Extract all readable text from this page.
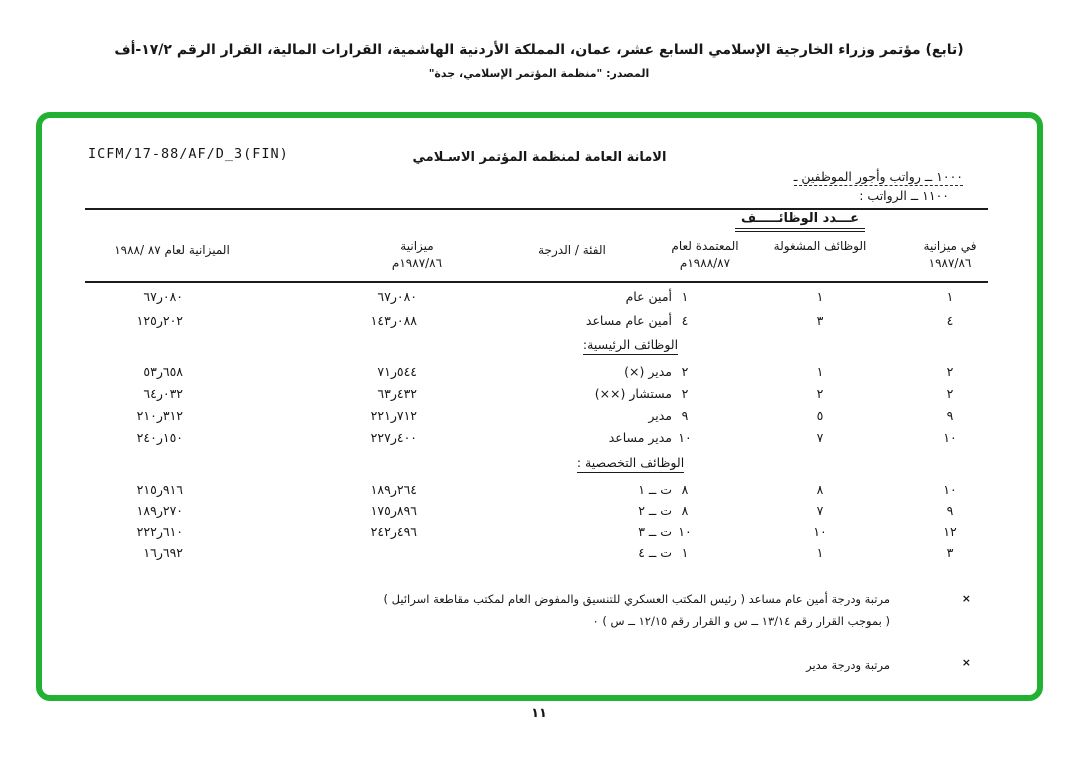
(تابع) مؤتمر وزراء الخارجية الإسلامي السابع عشر، عمان، المملكة الأردنية الهاشمية، القرارات المالية، القرار الرقم ١٧/٢-أف
المصدر: "منظمة المؤتمر الإسلامي، جدة"
ICFM/17-88/AF/D_3(FIN)	الامانة العامة لمنظمة المؤتمر الاسـلامي
١٠٠٠ ــ رواتب وأجور الموظفين ـ
١١٠٠ ــ الرواتب :
عـــدد الوظائـــــف
في ميزانية
١٩٨٧/٨٦
الوظائف المشغولة
المعتمدة لعام
١٩٨٨/٨٧م
الفئة / الدرجة
ميزانية
١٩٨٧/٨٦م
الميزانية لعام ٨٧ /١٩٨٨
١
١
١
أمين عام
٦٧ر٠٨٠
٦٧ر٠٨٠
٤
٣
٤
أمين عام مساعد
١٤٣ر٠٨٨
١٢٥ر٢٠٢
الوظائف الرئيسية:
٢
١
٢
مدير (×)
٧١ر٥٤٤
٥٣ر٦٥٨
٢
٢
٢
مستشار (××)
٦٣ر٤٣٢
٦٤ر٠٣٢
٩
٥
٩
مدير
٢٢١ر٧١٢
٢١٠ر٣١٢
١٠
٧
١٠
مدير مساعد
٢٢٧ر٤٠٠
٢٤٠ر١٥٠
الوظائف التخصصية :
١٠
٨
٨
ت ــ ١
١٨٩ر٢٦٤
٢١٥ر٩١٦
٩
٧
٨
ت ــ ٢
١٧٥ر٨٩٦
١٨٩ر٢٧٠
١٢
١٠
١٠
ت ــ ٣
٢٤٢ر٤٩٦
٢٢٢ر٦١٠
٣
١
١
ت ــ ٤
١٦ر٦٩٢
×
مرتبة ودرجة أمين عام مساعد ( رئيس المكتب العسكري للتنسيق والمفوض العام لمكتب مقاطعة اسرائيل )
( بموجب القرار رقم ١٣/١٤ ــ س و القرار رقم ١٢/١٥ ــ س ) ٠
×
مرتبة ودرجة مدير
١١
